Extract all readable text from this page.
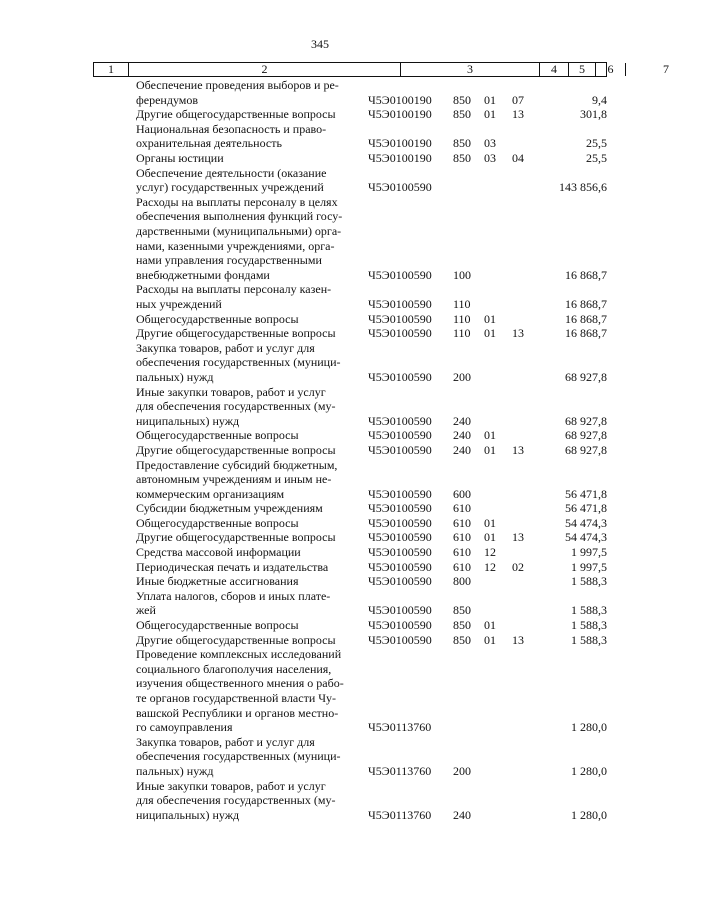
345
1	2	3	4	5	6	7
Обеспечение проведения выборов и ре-
ферендумов	Ч5Э0100190 850 01 07	9,4
Другие общегосударственные вопросы	Ч5Э0100190 850 01 13	301,8
Национальная безопасность и право-
охранительная деятельность	Ч5Э0100190 850 03	25,5
Органы юстиции	Ч5Э0100190 850 03 04	25,5
Обеспечение деятельности (оказание
услуг) государственных учреждений	Ч5Э0100590	143 856,6
Расходы на выплаты персоналу в целях
обеспечения выполнения функций госу-
дарственными (муниципальными) орга-
нами, казенными учреждениями, орга-
нами управления государственными
внебюджетными фондами	Ч5Э0100590 100	16 868,7
Расходы на выплаты персоналу казен-
ных учреждений	Ч5Э0100590 110	16 868,7
Общегосударственные вопросы	Ч5Э0100590 110 01	16 868,7
Другие общегосударственные вопросы	Ч5Э0100590 110 01 13	16 868,7
Закупка товаров, работ и услуг для
обеспечения государственных (муници-
пальных) нужд	Ч5Э0100590 200	68 927,8
Иные закупки товаров, работ и услуг
для обеспечения государственных (му-
ниципальных) нужд	Ч5Э0100590 240	68 927,8
Общегосударственные вопросы	Ч5Э0100590 240 01	68 927,8
Другие общегосударственные вопросы	Ч5Э0100590 240 01 13	68 927,8
Предоставление субсидий бюджетным,
автономным учреждениям и иным не-
коммерческим организациям	Ч5Э0100590 600	56 471,8
Субсидии бюджетным учреждениям	Ч5Э0100590 610	56 471,8
Общегосударственные вопросы	Ч5Э0100590 610 01	54 474,3
Другие общегосударственные вопросы	Ч5Э0100590 610 01 13	54 474,3
Средства массовой информации	Ч5Э0100590 610 12	1 997,5
Периодическая печать и издательства	Ч5Э0100590 610 12 02	1 997,5
Иные бюджетные ассигнования	Ч5Э0100590 800	1 588,3
Уплата налогов, сборов и иных плате-
жей	Ч5Э0100590 850	1 588,3
Общегосударственные вопросы	Ч5Э0100590 850 01	1 588,3
Другие общегосударственные вопросы	Ч5Э0100590 850 01 13	1 588,3
Проведение комплексных исследований
социального благополучия населения,
изучения общественного мнения о рабо-
те органов государственной власти Чу-
вашской Республики и органов местно-
го самоуправления	Ч5Э0113760	1 280,0
Закупка товаров, работ и услуг для
обеспечения государственных (муници-
пальных) нужд	Ч5Э0113760 200	1 280,0
Иные закупки товаров, работ и услуг
для обеспечения государственных (му-
ниципальных) нужд	Ч5Э0113760 240	1 280,0
